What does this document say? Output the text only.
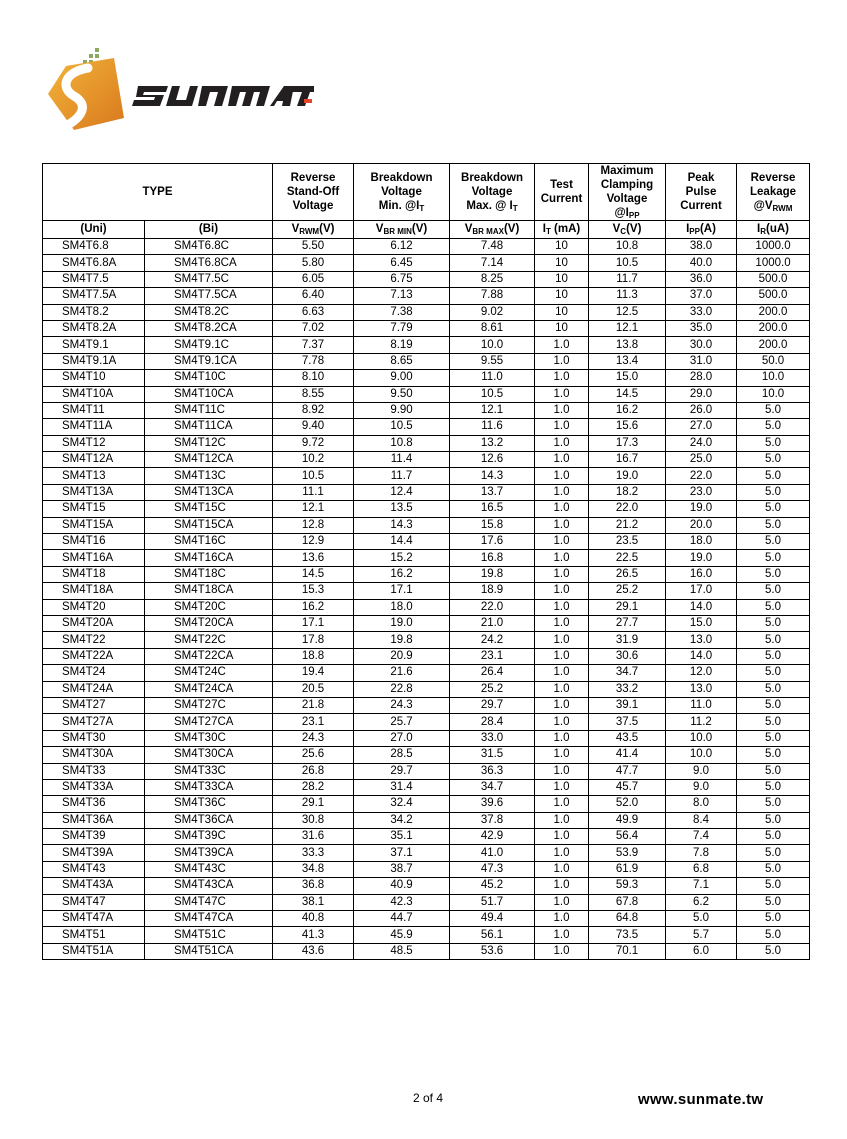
TYPE		Reverse
Stand-Off
Voltage	Breakdown
Voltage
Min. $@I_T$	Breakdown
Voltage
Max. @ $I_T$	Test
Current	Maximum
Clamping
Voltage
$@I_{PP}$	Peak
Pulse
Current	Reverse
Leakage
$@V_{RWM}$
(Uni)	(Bi)	$V_{RWM}(V)$	$V_{BR MIN}(V)$	$V_{BR MAX}(V)$	$I_T$ (mA)	$V_C(V)$	$I_{PP}(A)$	$I_R(uA)$
SM4T6.8	SM4T6.8C	5.50	6.12	7.48	10	10.8	38.0	1000.0
SM4T6.8A	SM4T6.8CA	5.80	6.45	7.14	10	10.5	40.0	1000.0
SM4T7.5	SM4T7.5C	6.05	6.75	8.25	10	11.7	36.0	500.0
SM4T7.5A	SM4T7.5CA	6.40	7.13	7.88	10	11.3	37.0	500.0
SM4T8.2	SM4T8.2C	6.63	7.38	9.02	10	12.5	33.0	200.0
SM4T8.2A	SM4T8.2CA	7.02	7.79	8.61	10	12.1	35.0	200.0
SM4T9.1	SM4T9.1C	7.37	8.19	10.0	1.0	13.8	30.0	200.0
SM4T9.1A	SM4T9.1CA	7.78	8.65	9.55	1.0	13.4	31.0	50.0
SM4T10	SM4T10C	8.10	9.00	11.0	1.0	15.0	28.0	10.0
SM4T10A	SM4T10CA	8.55	9.50	10.5	1.0	14.5	29.0	10.0
SM4T11	SM4T11C	8.92	9.90	12.1	1.0	16.2	26.0	5.0
SM4T11A	SM4T11CA	9.40	10.5	11.6	1.0	15.6	27.0	5.0
SM4T12	SM4T12C	9.72	10.8	13.2	1.0	17.3	24.0	5.0
SM4T12A	SM4T12CA	10.2	11.4	12.6	1.0	16.7	25.0	5.0
SM4T13	SM4T13C	10.5	11.7	14.3	1.0	19.0	22.0	5.0
SM4T13A	SM4T13CA	11.1	12.4	13.7	1.0	18.2	23.0	5.0
SM4T15	SM4T15C	12.1	13.5	16.5	1.0	22.0	19.0	5.0
SM4T15A	SM4T15CA	12.8	14.3	15.8	1.0	21.2	20.0	5.0
SM4T16	SM4T16C	12.9	14.4	17.6	1.0	23.5	18.0	5.0
SM4T16A	SM4T16CA	13.6	15.2	16.8	1.0	22.5	19.0	5.0
SM4T18	SM4T18C	14.5	16.2	19.8	1.0	26.5	16.0	5.0
SM4T18A	SM4T18CA	15.3	17.1	18.9	1.0	25.2	17.0	5.0
SM4T20	SM4T20C	16.2	18.0	22.0	1.0	29.1	14.0	5.0
SM4T20A	SM4T20CA	17.1	19.0	21.0	1.0	27.7	15.0	5.0
SM4T22	SM4T22C	17.8	19.8	24.2	1.0	31.9	13.0	5.0
SM4T22A	SM4T22CA	18.8	20.9	23.1	1.0	30.6	14.0	5.0
SM4T24	SM4T24C	19.4	21.6	26.4	1.0	34.7	12.0	5.0
SM4T24A	SM4T24CA	20.5	22.8	25.2	1.0	33.2	13.0	5.0
SM4T27	SM4T27C	21.8	24.3	29.7	1.0	39.1	11.0	5.0
SM4T27A	SM4T27CA	23.1	25.7	28.4	1.0	37.5	11.2	5.0
SM4T30	SM4T30C	24.3	27.0	33.0	1.0	43.5	10.0	5.0
SM4T30A	SM4T30CA	25.6	28.5	31.5	1.0	41.4	10.0	5.0
SM4T33	SM4T33C	26.8	29.7	36.3	1.0	47.7	9.0	5.0
SM4T33A	SM4T33CA	28.2	31.4	34.7	1.0	45.7	9.0	5.0
SM4T36	SM4T36C	29.1	32.4	39.6	1.0	52.0	8.0	5.0
SM4T36A	SM4T36CA	30.8	34.2	37.8	1.0	49.9	8.4	5.0
SM4T39	SM4T39C	31.6	35.1	42.9	1.0	56.4	7.4	5.0
SM4T39A	SM4T39CA	33.3	37.1	41.0	1.0	53.9	7.8	5.0
SM4T43	SM4T43C	34.8	38.7	47.3	1.0	61.9	6.8	5.0
SM4T43A	SM4T43CA	36.8	40.9	45.2	1.0	59.3	7.1	5.0
SM4T47	SM4T47C	38.1	42.3	51.7	1.0	67.8	6.2	5.0
SM4T47A	SM4T47CA	40.8	44.7	49.4	1.0	64.8	5.0	5.0
SM4T51	SM4T51C	41.3	45.9	56.1	1.0	73.5	5.7	5.0
SM4T51A	SM4T51CA	43.6	48.5	53.6	1.0	70.1	6.0	5.0
2 of 4	www.sunmate.tw
